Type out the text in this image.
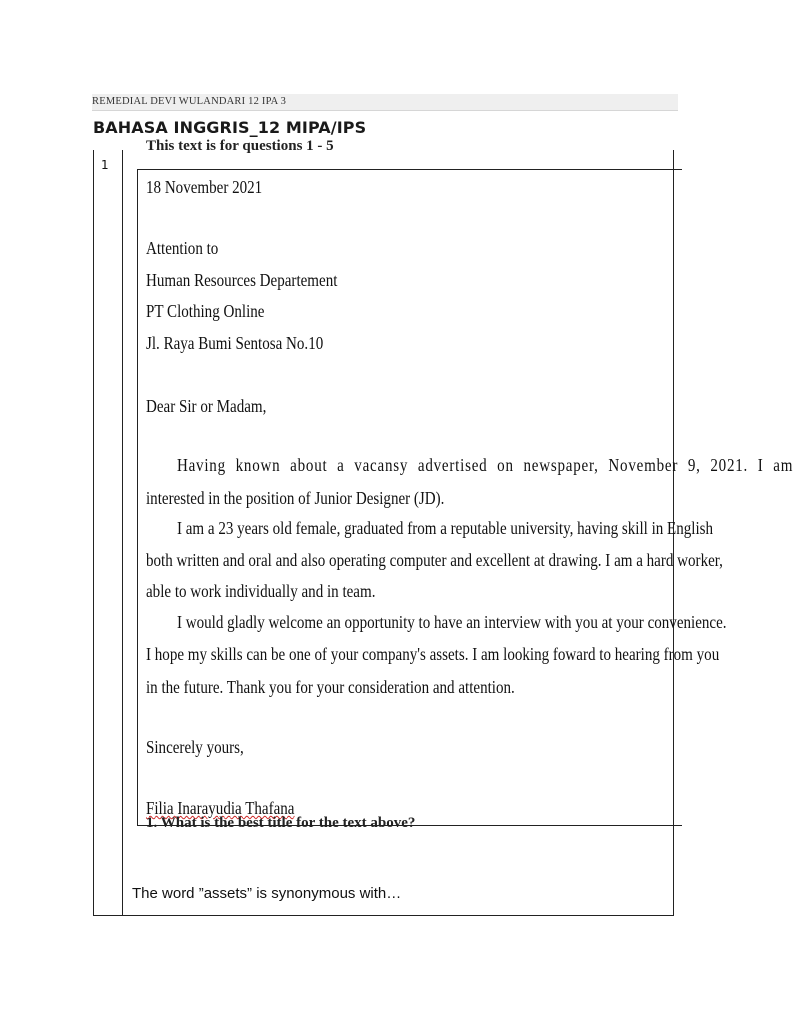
REMEDIAL DEVI WULANDARI 12 IPA 3
BAHASA INGGRIS_12 MIPA/IPS
1
This text is for questions 1 - 5
18 November 2021
Attention to
Human Resources Departement
PT Clothing Online
Jl. Raya Bumi Sentosa No.10
Dear Sir or Madam,
Having known about a vacansy advertised on newspaper, November 9, 2021. I am
interested in the position of Junior Designer (JD).
I am a 23 years old female, graduated from a reputable university, having skill in English
both written and oral and also operating computer and excellent at drawing. I am a hard worker,
able to work individually and in team.
I would gladly welcome an opportunity to have an interview with you at your convenience.
I hope my skills can be one of your company's assets. I am looking foward to hearing from you
in the future. Thank you for your consideration and attention.
Sincerely yours,
Filia Inarayudia Thafana
1. What is the best title for the text above?
The word ”assets” is synonymous with…
